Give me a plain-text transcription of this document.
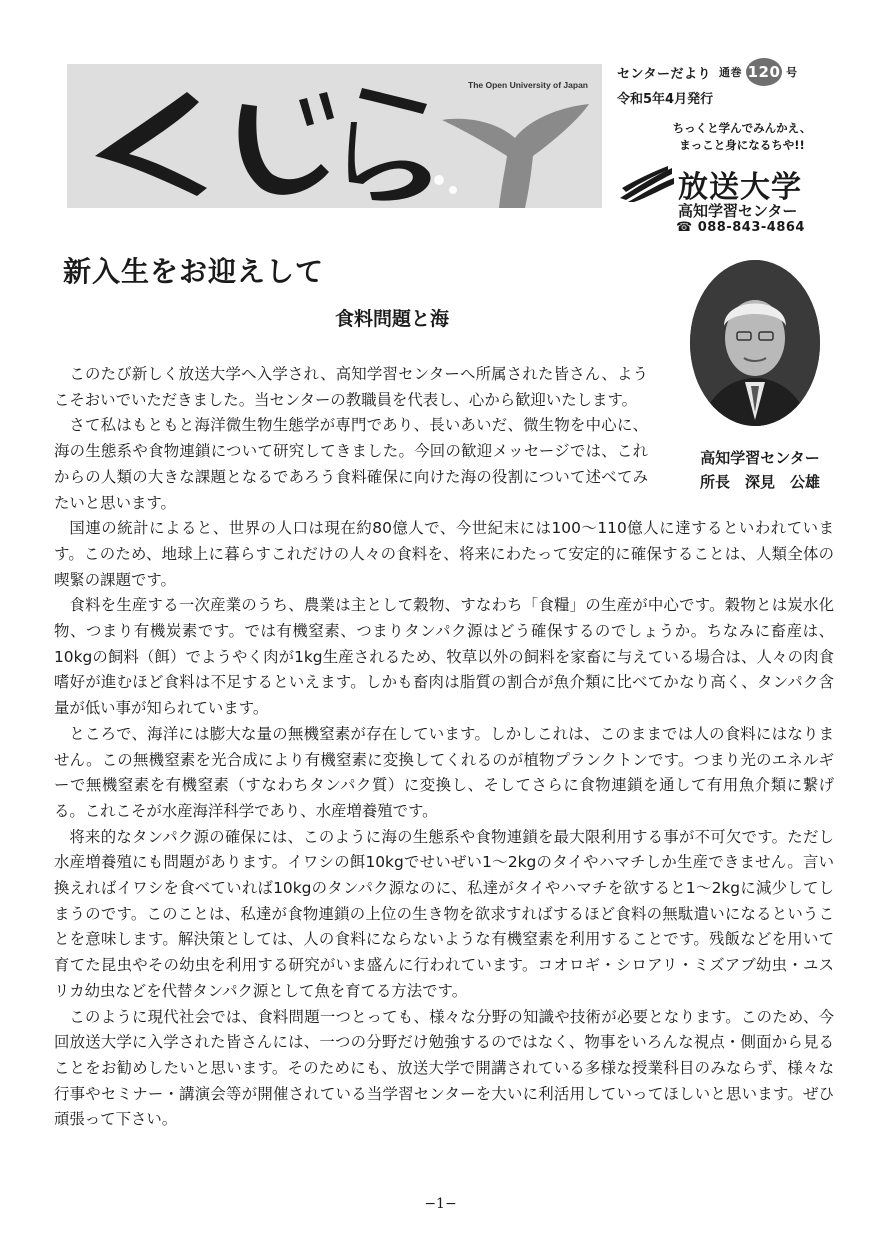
The Open University of Japan
センターだより 通巻 120 号
令和5年4月発行
ちっくと学んでみんかえ、
まっこと身になるちや!!
放送大学
高知学習センター
☎ 088-843-4864
新入生をお迎えして
食料問題と海
高知学習センター
所長　深見　公雄

このたび新しく放送大学へ入学され、高知学習センターへ所属された皆さん、ようこそおいでいただきました。当センターの教職員を代表し、心から歓迎いたします。

さて私はもともと海洋微生物生態学が専門であり、長いあいだ、微生物を中心に、海の生態系や食物連鎖について研究してきました。今回の歓迎メッセージでは、これからの人類の大きな課題となるであろう食料確保に向けた海の役割について述べてみたいと思います。

国連の統計によると、世界の人口は現在約80億人で、今世紀末には100～110億人に達するといわれています。このため、地球上に暮らすこれだけの人々の食料を、将来にわたって安定的に確保することは、人類全体の喫緊の課題です。

食料を生産する一次産業のうち、農業は主として穀物、すなわち「食糧」の生産が中心です。穀物とは炭水化物、つまり有機炭素です。では有機窒素、つまりタンパク源はどう確保するのでしょうか。ちなみに畜産は、10kgの飼料（餌）でようやく肉が1kg生産されるため、牧草以外の飼料を家畜に与えている場合は、人々の肉食嗜好が進むほど食料は不足するといえます。しかも畜肉は脂質の割合が魚介類に比べてかなり高く、タンパク含量が低い事が知られています。

ところで、海洋には膨大な量の無機窒素が存在しています。しかしこれは、このままでは人の食料にはなりません。この無機窒素を光合成により有機窒素に変換してくれるのが植物プランクトンです。つまり光のエネルギーで無機窒素を有機窒素（すなわちタンパク質）に変換し、そしてさらに食物連鎖を通して有用魚介類に繋げる。これこそが水産海洋科学であり、水産増養殖です。

将来的なタンパク源の確保には、このように海の生態系や食物連鎖を最大限利用する事が不可欠です。ただし水産増養殖にも問題があります。イワシの餌10kgでせいぜい1～2kgのタイやハマチしか生産できません。言い換えればイワシを食べていれば10kgのタンパク源なのに、私達がタイやハマチを欲すると1～2kgに減少してしまうのです。このことは、私達が食物連鎖の上位の生き物を欲求すればするほど食料の無駄遣いになるということを意味します。解決策としては、人の食料にならないような有機窒素を利用することです。残飯などを用いて育てた昆虫やその幼虫を利用する研究がいま盛んに行われています。コオロギ・シロアリ・ミズアブ幼虫・ユスリカ幼虫などを代替タンパク源として魚を育てる方法です。

このように現代社会では、食料問題一つとっても、様々な分野の知識や技術が必要となります。このため、今回放送大学に入学された皆さんには、一つの分野だけ勉強するのではなく、物事をいろんな視点・側面から見ることをお勧めしたいと思います。そのためにも、放送大学で開講されている多様な授業科目のみならず、様々な行事やセミナー・講演会等が開催されている当学習センターを大いに利活用していってほしいと思います。ぜひ頑張って下さい。

−1−
